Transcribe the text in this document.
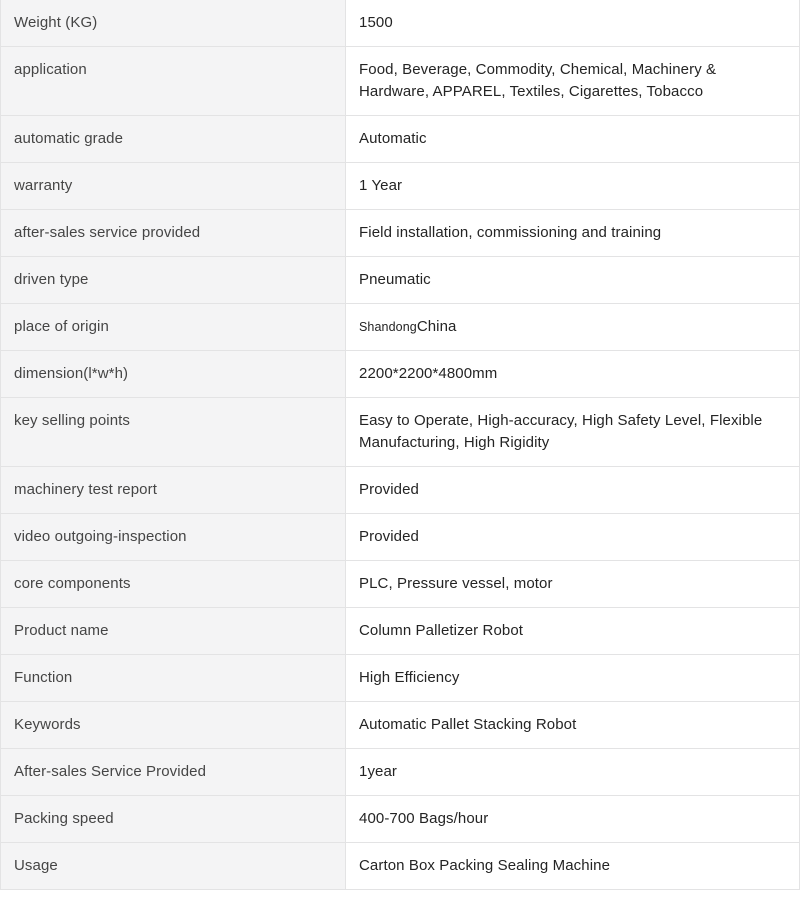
Weight (KG)	1500
application	Food, Beverage, Commodity, Chemical, Machinery & Hardware, APPAREL, Textiles, Cigarettes, Tobacco
automatic grade	Automatic
warranty	1 Year
after-sales service provided	Field installation, commissioning and training
driven type	Pneumatic
place of origin	ShandongChina
dimension(l*w*h)	2200*2200*4800mm
key selling points	Easy to Operate, High-accuracy, High Safety Level, Flexible Manufacturing, High Rigidity
machinery test report	Provided
video outgoing-inspection	Provided
core components	PLC, Pressure vessel, motor
Product name	Column Palletizer Robot
Function	High Efficiency
Keywords	Automatic Pallet Stacking Robot
After-sales Service Provided	1year
Packing speed	400-700 Bags/hour
Usage	Carton Box Packing Sealing Machine
